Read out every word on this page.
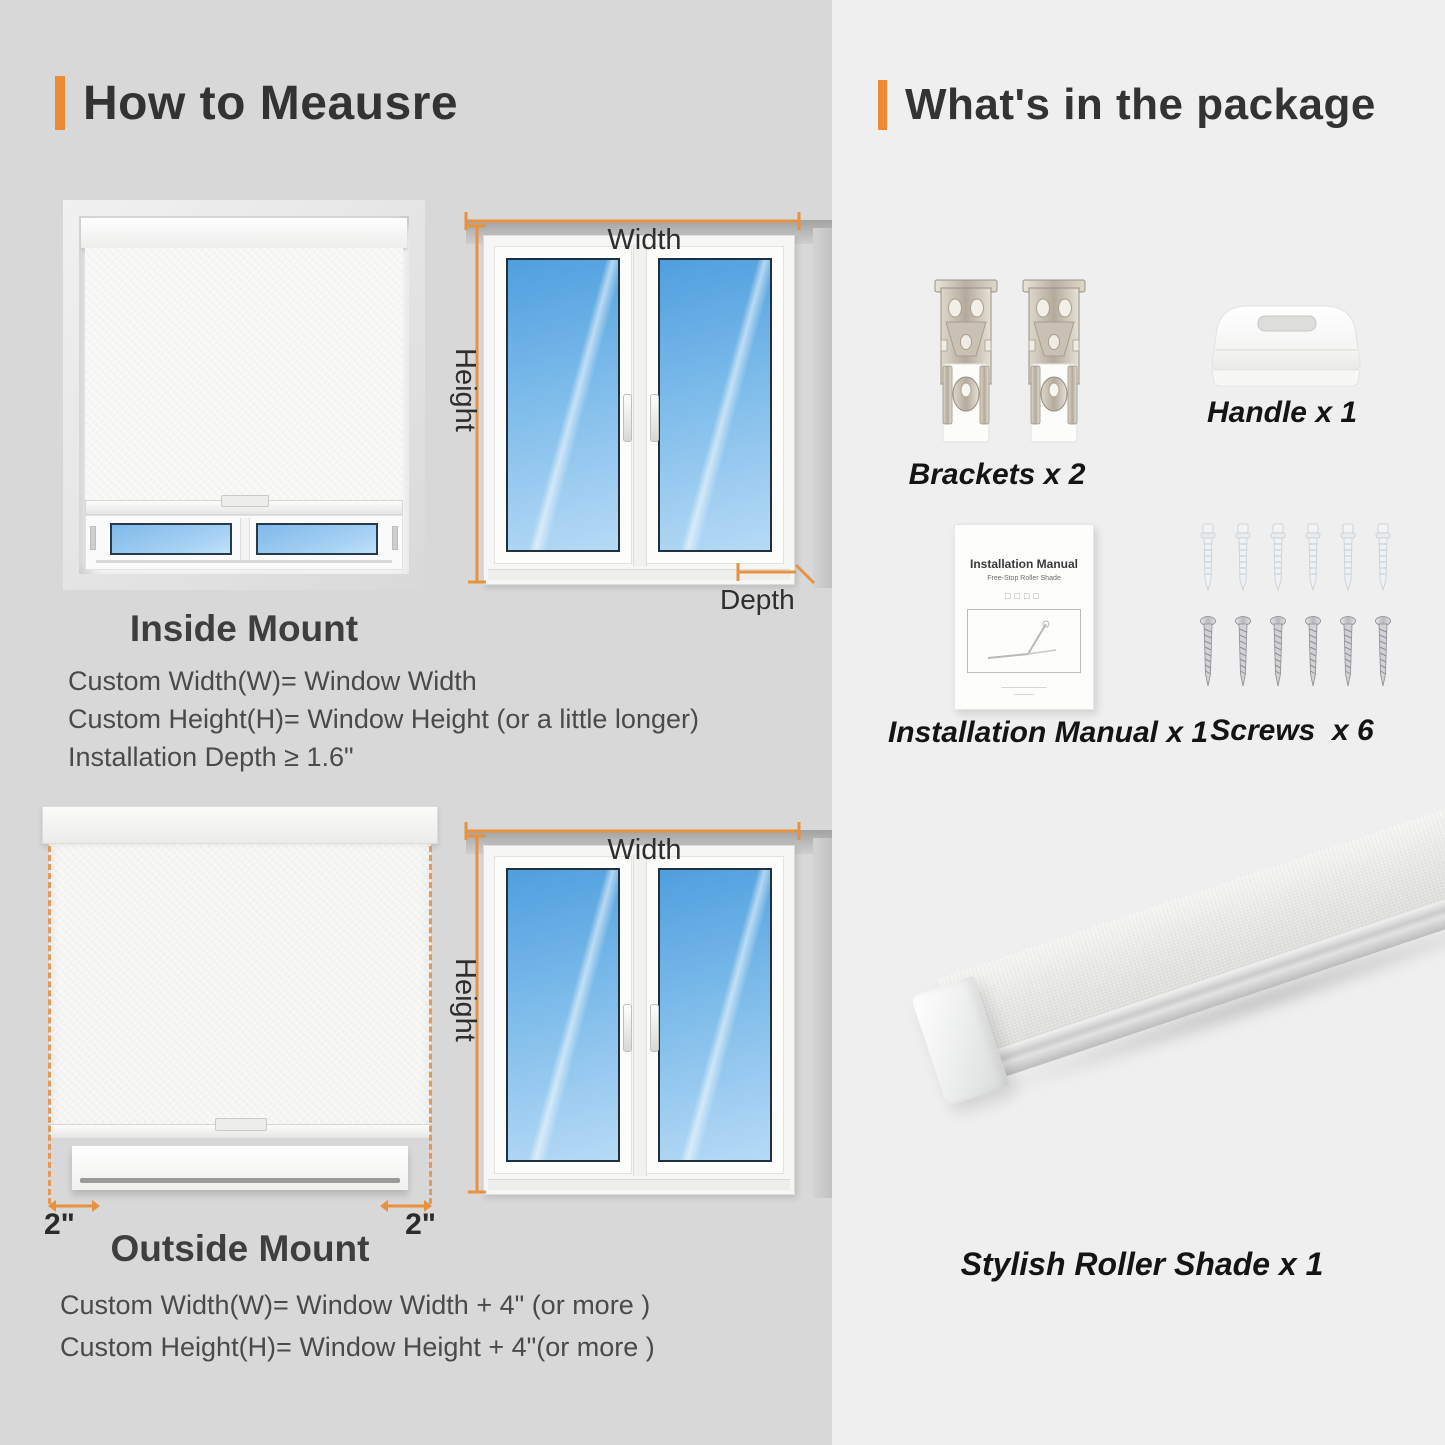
How to Meausre
Width
Height
Depth
Inside Mount
Custom Width(W)= Window Width
Custom Height(H)= Window Height (or a little longer)
Installation Depth ≥ 1.6"
2"	2"
Width
Height
Outside Mount
Custom Width(W)= Window Width + 4" (or more )
Custom Height(H)= Window Height + 4"(or more )
What's in the package
Brackets x 2
Handle x 1
Installation Manual
Free-Stop Roller Shade
□□□□
—————————
————
Installation Manual x 1 Screws  x 6
Stylish Roller Shade x 1
